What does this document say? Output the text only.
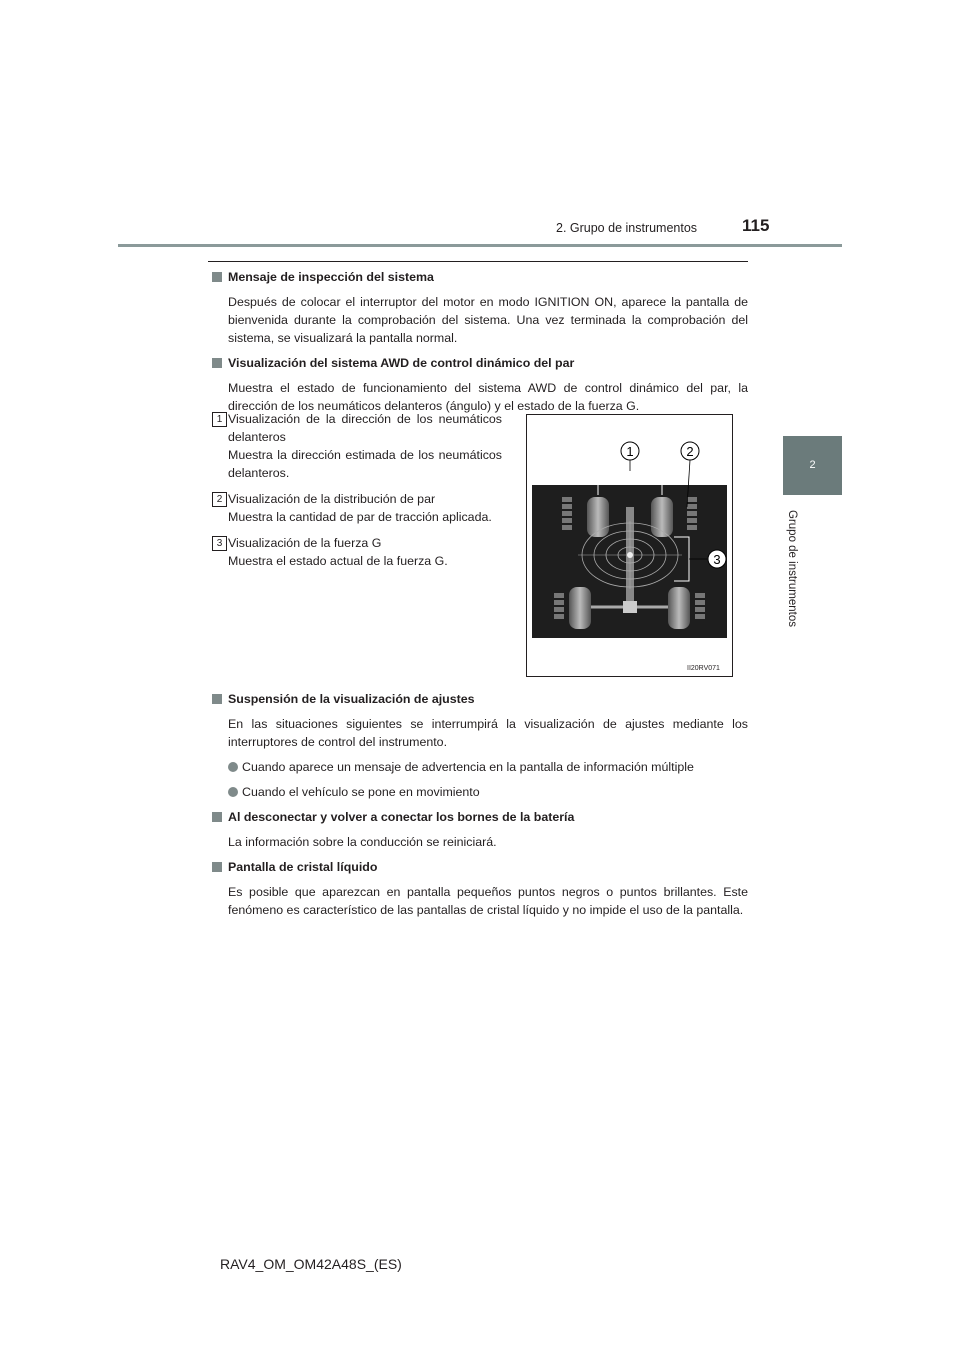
2. Grupo de instrumentos	115
2
Grupo de instrumentos

Mensaje de inspección del sistema

Después de colocar el interruptor del motor en modo IGNITION ON, aparece la pantalla de bienvenida durante la comprobación del sistema. Una vez terminada la comprobación del sistema, se visualizará la pantalla normal.

Visualización del sistema AWD de control dinámico del par

Muestra el estado de funcionamiento del sistema AWD de control dinámico del par, la dirección de los neumáticos delanteros (ángulo) y el estado de la fuerza G.

1 Visualización de la dirección de los neumáticos delanteros

Muestra la dirección estimada de los neumáticos delanteros.

2 Visualización de la distribución de par

Muestra la cantidad de par de tracción aplicada.

3 Visualización de la fuerza G

Muestra el estado actual de la fuerza G.

1	2
3
II20RV071

Suspensión de la visualización de ajustes

En las situaciones siguientes se interrumpirá la visualización de ajustes mediante los interruptores de control del instrumento.

Cuando aparece un mensaje de advertencia en la pantalla de información múltiple

Cuando el vehículo se pone en movimiento

Al desconectar y volver a conectar los bornes de la batería

La información sobre la conducción se reiniciará.

Pantalla de cristal líquido

Es posible que aparezcan en pantalla pequeños puntos negros o puntos brillantes. Este fenómeno es característico de las pantallas de cristal líquido y no impide el uso de la pantalla.

RAV4_OM_OM42A48S_(ES)
